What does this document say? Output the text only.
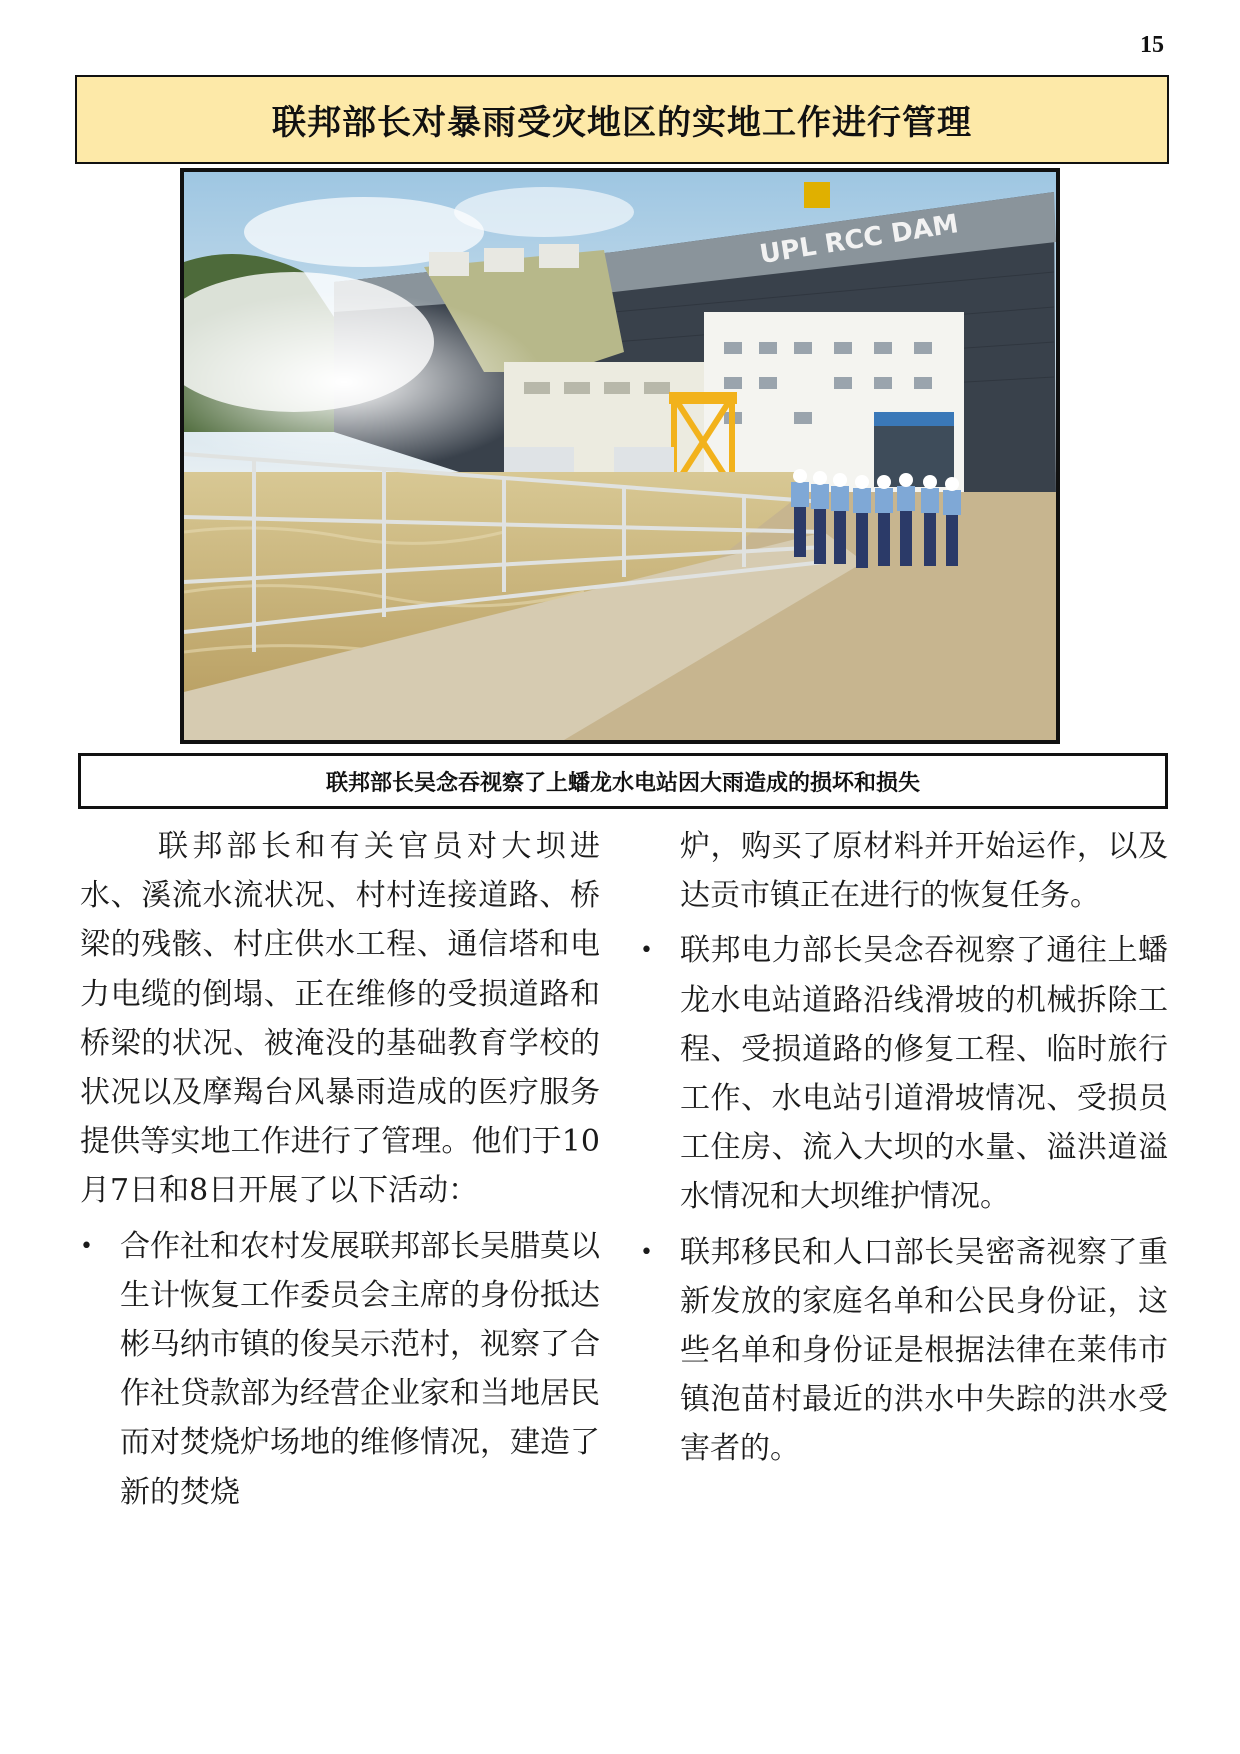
15
联邦部长对暴雨受灾地区的实地工作进行管理
UPL RCC DAM
联邦部长吴念吞视察了上蟠龙水电站因大雨造成的损坏和损失

联邦部长和有关官员对大坝进水、溪流水流状况、村村连接道路、桥梁的残骸、村庄供水工程、通信塔和电力电缆的倒塌、正在维修的受损道路和桥梁的状况、被淹没的基础教育学校的状况以及摩羯台风暴雨造成的医疗服务提供等实地工作进行了管理。他们于10月7日和8日开展了以下活动：

• 合作社和农村发展联邦部长吴腊莫以生计恢复工作委员会主席的身份抵达彬马纳市镇的俊吴示范村，视察了合作社贷款部为经营企业家和当地居民而对焚烧炉场地的维修情况，建造了新的焚烧

炉，购买了原材料并开始运作，以及达贡市镇正在进行的恢复任务。

• 联邦电力部长吴念吞视察了通往上蟠龙水电站道路沿线滑坡的机械拆除工程、受损道路的修复工程、临时旅行工作、水电站引道滑坡情况、受损员工住房、流入大坝的水量、溢洪道溢水情况和大坝维护情况。
• 联邦移民和人口部长吴密斋视察了重新发放的家庭名单和公民身份证，这些名单和身份证是根据法律在莱伟市镇泡苗村最近的洪水中失踪的洪水受害者的。
